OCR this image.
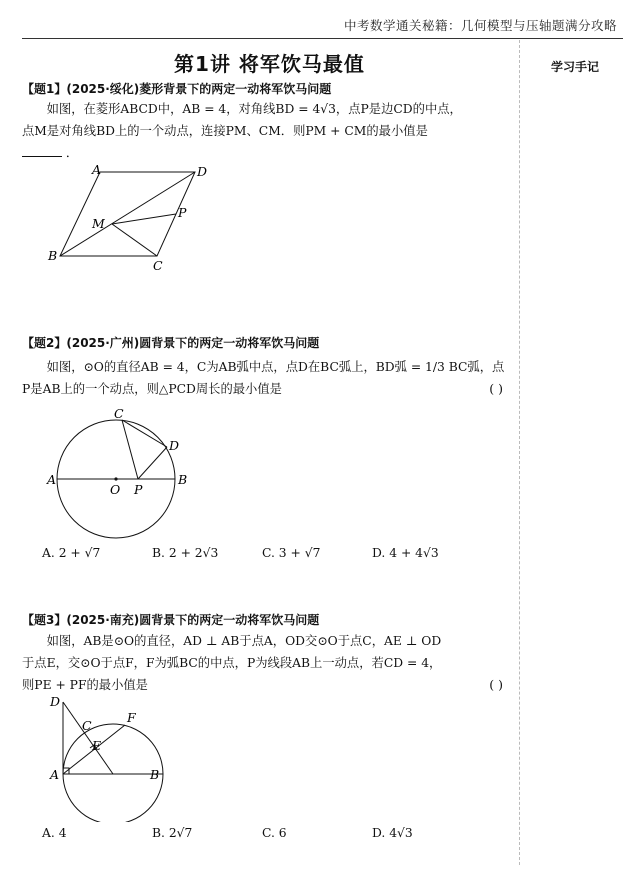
中考数学通关秘籍：几何模型与压轴题满分攻略
学习手记
第1讲 将军饮马最值
【题1】(2025·绥化)菱形背景下的两定一动将军饮马问题
如图，在菱形ABCD中，AB = 4，对角线BD = 4√3，点P是边CD的中点，
点M是对角线BD上的一个动点，连接PM、CM．则PM + CM的最小值是
．
A	D
M
P
B
C
【题2】(2025·广州)圆背景下的两定一动将军饮马问题
如图，⊙O的直径AB = 4，C为AB弧中点，点D在BC弧上，BD弧 = 1/3 BC弧，点
P是AB上的一个动点，则△PCD周长的最小值是	( )
C
D
A
O P
B
A. 2 + √7	B. 2 + 2√3	C. 3 + √7	D. 4 + 4√3
【题3】(2025·南充)圆背景下的两定一动将军饮马问题
如图，AB是⊙O的直径，AD ⊥ AB于点A，OD交⊙O于点C，AE ⊥ OD
于点E，交⊙O于点F，F为弧BC的中点，P为线段AB上一动点，若CD = 4，
则PE + PF的最小值是	( )
D
C
F
E
A	B
A. 4	B. 2√7	C. 6	D. 4√3
